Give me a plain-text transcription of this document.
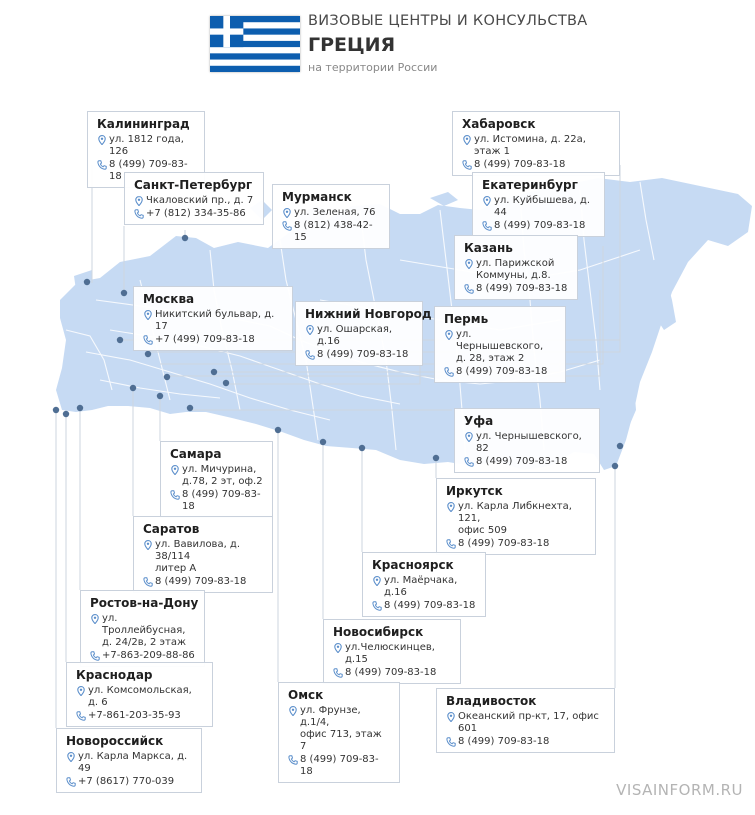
ВИЗОВЫЕ ЦЕНТРЫ И КОНСУЛЬСТВА
ГРЕЦИЯ
на территории России
Калининград
ул. 1812 года, 126
8 (499) 709-83-18
Санкт-Петербург
Чкаловский пр., д. 7
+7 (812) 334-35-86
Мурманск
ул. Зеленая, 76
8 (812) 438-42-15
Хабаровск
ул. Истомина, д. 22а, этаж 1
8 (499) 709-83-18
Екатеринбург
ул. Куйбышева, д. 44
8 (499) 709-83-18
Казань
ул. Парижской
Коммуны, д.8.
8 (499) 709-83-18
Москва
Никитский бульвар, д. 17
+7 (499) 709-83-18
Нижний Новгород
ул. Ошарская, д.16
8 (499) 709-83-18
Пермь
ул. Чернышевского,
д. 28, этаж 2
8 (499) 709-83-18
Уфа
ул. Чернышевского, 82
8 (499) 709-83-18
Самара
ул. Мичурина,
д.78, 2 эт, оф.2
8 (499) 709-83-18
Иркутск
ул. Карла Либкнехта, 121,
офис 509
8 (499) 709-83-18
Саратов
ул. Вавилова, д. 38/114
литер А
8 (499) 709-83-18
Красноярск
ул. Маёрчака, д.16
8 (499) 709-83-18
Ростов-на-Дону
ул. Троллейбусная,
д. 24/2в, 2 этаж
+7-863-209-88-86
Новосибирск
ул.Челюскинцев, д.15
8 (499) 709-83-18
Краснодар
ул. Комсомольская, д. 6
+7-861-203-35-93
Омск
ул. Фрунзе, д.1/4,
офис 713, этаж 7
8 (499) 709-83-18
Владивосток
Океанский пр-кт, 17, офис 601
8 (499) 709-83-18
Новороссийск
ул. Карла Маркса, д. 49
+7 (8617) 770-039	VISAINFORM.RU
